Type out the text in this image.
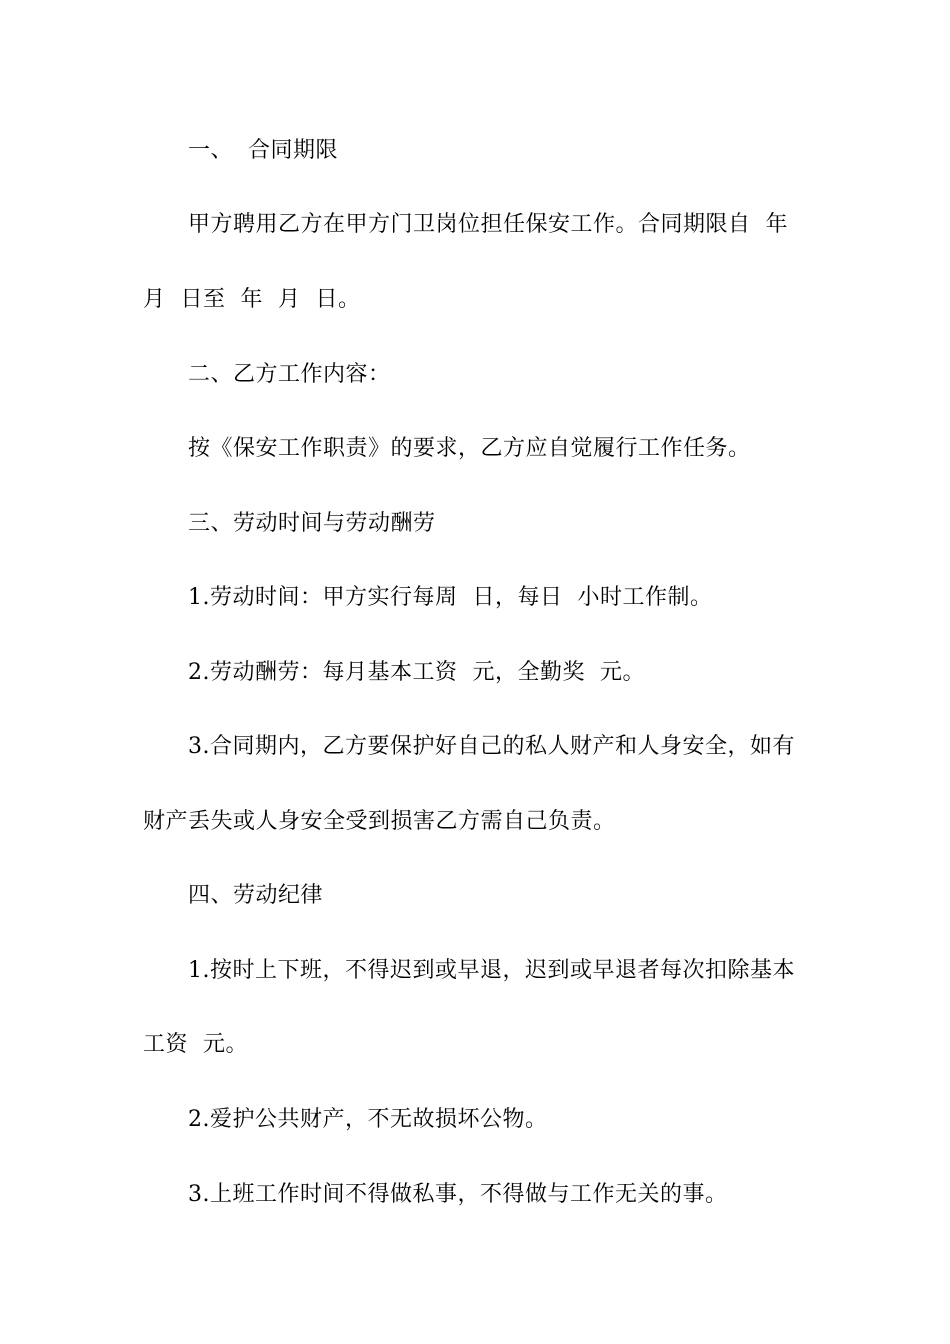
一、  合同期限
甲方聘用乙方在甲方门卫岗位担任保安工作。合同期限自  年
月  日至  年  月  日。
二、乙方工作内容：
按《保安工作职责》的要求，乙方应自觉履行工作任务。
三、劳动时间与劳动酬劳
1.劳动时间：甲方实行每周  日，每日  小时工作制。
2.劳动酬劳：每月基本工资  元，全勤奖  元。
3.合同期内，乙方要保护好自己的私人财产和人身安全，如有
财产丢失或人身安全受到损害乙方需自己负责。
四、劳动纪律
1.按时上下班，不得迟到或早退，迟到或早退者每次扣除基本
工资  元。
2.爱护公共财产，不无故损坏公物。
3.上班工作时间不得做私事，不得做与工作无关的事。
